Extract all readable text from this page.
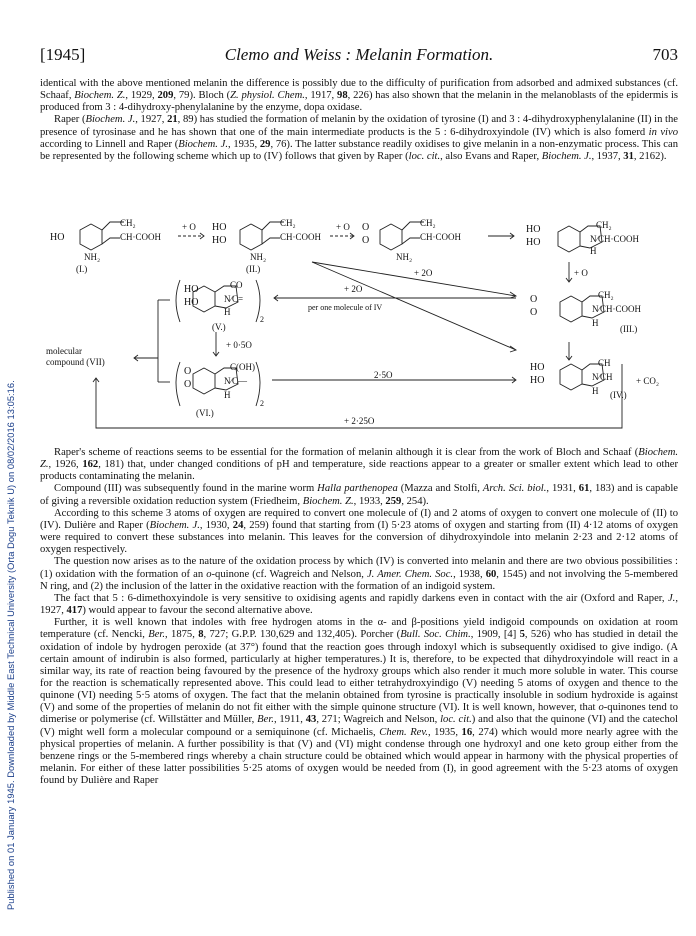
Published on 01 January 1945. Downloaded by Middle East Technical University (Orta Dogu Teknik U) on 08/02/2016 13:05:16.
[1945]	Clemo and Weiss : Melanin Formation.	703

identical with the above mentioned melanin the difference is possibly due to the difficulty of purification from adsorbed and admixed substances (cf. Schaaf, Biochem. Z., 1929, 209, 79). Bloch (Z. physiol. Chem., 1917, 98, 226) has also shown that the melanin in the melanoblasts of the epidermis is produced from 3 : 4-dihydroxy-phenylalanine by the enzyme, dopa oxidase.

Raper (Biochem. J., 1927, 21, 89) has studied the formation of melanin by the oxidation of tyrosine (I) and 3 : 4-dihydroxyphenylalanine (II) in the presence of tyrosinase and he has shown that one of the main intermediate products is the 5 : 6-dihydroxyindole (IV) which is also fomerd in vivo according to Linnell and Raper (Biochem. J., 1935, 29, 76). The latter substance readily oxidises to give melanin in a non-enzymatic process. This can be represented by the following scheme which up to (IV) follows that given by Raper (loc. cit., also Evans and Raper, Biochem. J., 1937, 31, 2162).

HO
CH₂
CH·COOH
NH₂
(I.)
+ O HO
HO
CH₂
CH·COOH
NH₂
(II.)
+ O O
O
CH₂
CH·COOH
NH₂
HO
HO
CH₂
N⁄CH·COOH
H
+ O
+ 2O
O
O
CH₂
N⁄CH·COOH
H
(III.)
HO
HO
CH
N⁄CH
H
+ CO₂
(IV.)
HO
HO
CO
N⁄C=
H
2
(V.)
+ 2O
per one molecule of IV
+ 0·5O
O
O
C(OH)
N⁄C—
H
2
(VI.)
2·5O
+ 2·25O
molecular
compound (VII)

Raper's scheme of reactions seems to be essential for the formation of melanin although it is clear from the work of Bloch and Schaaf (Biochem. Z., 1926, 162, 181) that, under changed conditions of pH and temperature, side reactions appear to a greater or smaller extent which lead to other products contaminating the melanin.

Compound (III) was subsequently found in the marine worm Halla parthenopea (Mazza and Stolfi, Arch. Sci. biol., 1931, 61, 183) and is capable of giving a reversible oxidation reduction system (Friedheim, Biochem. Z., 1933, 259, 254).

According to this scheme 3 atoms of oxygen are required to convert one molecule of (I) and 2 atoms of oxygen to convert one molecule of (II) to (IV). Dulière and Raper (Biochem. J., 1930, 24, 259) found that starting from (I) 5·23 atoms of oxygen and starting from (II) 4·12 atoms of oxygen were required to convert these substances into melanin. This leaves for the conversion of dihydroxyindole into melanin 2·23 and 2·12 atoms of oxygen respectively.

The question now arises as to the nature of the oxidation process by which (IV) is converted into melanin and there are two obvious possibilities : (1) oxidation with the formation of an o-quinone (cf. Wagreich and Nelson, J. Amer. Chem. Soc., 1938, 60, 1545) and not involving the 5-membered N ring, and (2) the inclusion of the latter in the oxidative reaction with the formation of an indigoid system.

The fact that 5 : 6-dimethoxyindole is very sensitive to oxidising agents and rapidly darkens even in contact with the air (Oxford and Raper, J., 1927, 417) would appear to favour the second alternative above.

Further, it is well known that indoles with free hydrogen atoms in the α- and β-positions yield indigoid compounds on oxidation at room temperature (cf. Nencki, Ber., 1875, 8, 727; G.P.P. 130,629 and 132,405). Porcher (Bull. Soc. Chim., 1909, [4] 5, 526) who has studied in detail the oxidation of indole by hydrogen peroxide (at 37°) found that the reaction goes through indoxyl which is subsequently oxidised to give indigo. (A certain amount of indirubin is also formed, particularly at higher temperatures.) It is, therefore, to be expected that dihydroxyindole will react in a similar way, its rate of reaction being favoured by the presence of the hydroxy groups which also render it much more soluble in water. This course for the reaction is schematically represented above. This could lead to either tetrahydroxyindigo (V) needing 5 atoms of oxygen and thence to the quinone (VI) needing 5·5 atoms of oxygen. The fact that the melanin obtained from tyrosine is practically insoluble in sodium hydroxide is against (V) and some of the properties of melanin do not fit either with the simple quinone structure (VI). It is well known, however, that o-quinones tend to dimerise or polymerise (cf. Willstätter and Müller, Ber., 1911, 43, 271; Wagreich and Nelson, loc. cit.) and also that the quinone (VI) and the catechol (V) might well form a molecular compound or a semiquinone (cf. Michaelis, Chem. Rev., 1935, 16, 274) which would more nearly agree with the physical properties of melanin. A further possibility is that (V) and (VI) might condense through one hydroxyl and one keto group either from the benzene rings or the 5-membered rings whereby a chain structure could be obtained which would appear in harmony with the physical properties of melanin. For either of these latter possibilities 5·25 atoms of oxygen would be needed from (I), in good agreement with the 5·23 atoms of oxygen found by Dulière and Raper
